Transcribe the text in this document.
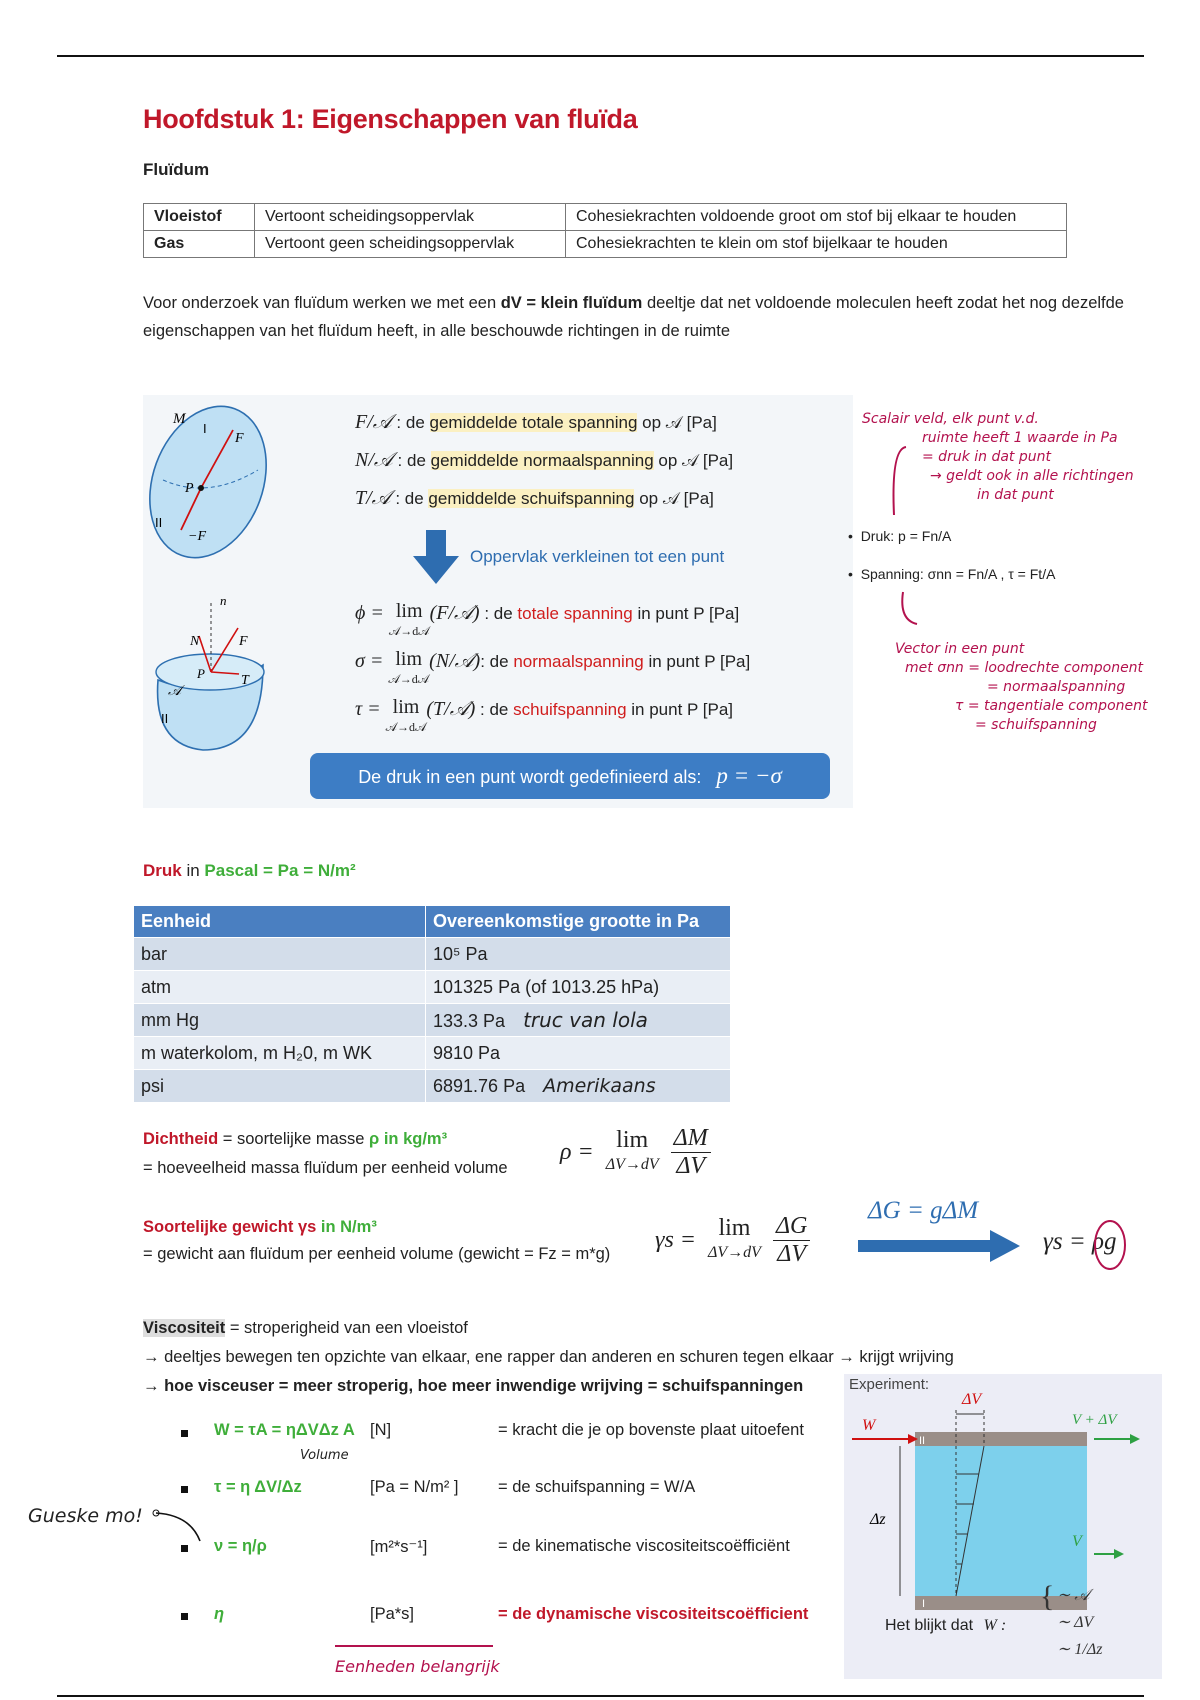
Hoofdstuk 1: Eigenschappen van fluïda
Fluïdum
Vloeistof	Vertoont scheidingsoppervlak	Cohesiekrachten voldoende groot om stof bij elkaar te houden
Gas	Vertoont geen scheidingsoppervlak	Cohesiekrachten te klein om stof bijelkaar te houden
Voor onderzoek van fluïdum werken we met een dV = klein fluïdum deeltje dat net voldoende moleculen heeft zodat het nog dezelfde eigenschappen van het fluïdum heeft, in alle beschouwde richtingen in de ruimte
M
I
II
P
F
−F
n
N	F
T
P
𝒜
II
F/𝒜 : de gemiddelde totale spanning op 𝒜 [Pa]
N/𝒜 : de gemiddelde normaalspanning op 𝒜 [Pa]
T/𝒜 : de gemiddelde schuifspanning op 𝒜 [Pa]
Oppervlak verkleinen tot een punt
ϕ = lim
𝒜→d𝒜(F/𝒜) : de totale spanning in punt P [Pa]
σ = lim
𝒜→d𝒜(N/𝒜): de normaalspanning in punt P [Pa]
τ = lim
𝒜→d𝒜(T/𝒜) : de schuifspanning in punt P [Pa]
De druk in een punt wordt gedefinieerd als: p = −σ
Scalair veld, elk punt v.d.
ruimte heeft 1 waarde in Pa
= druk in dat punt
→ geldt ook in alle richtingen
in dat punt
•  Druk: p = Fn/A
•  Spanning: σnn = Fn/A , τ = Ft/A
Vector in een punt
met σnn = loodrechte component
= normaalspanning
τ = tangentiale component
= schuifspanning
Druk in Pascal = Pa = N/m²
Eenheid	Overeenkomstige grootte in Pa
bar	10⁵ Pa
atm	101325 Pa (of 1013.25 hPa)
mm Hg	133.3 Pa truc van lola
m waterkolom, m H₂0, m WK	9810 Pa
psi	6891.76 Pa Amerikaans
Dichtheid = soortelijke masse ρ in kg/m³
= hoeveelheid massa fluïdum per eenheid volume
ρ = lim
$\Delta V\to dV \frac{\Delta M}{\Delta V}$
Soortelijke gewicht γs in N/m³
= gewicht aan fluïdum per eenheid volume (gewicht = Fz = m*g)
γs = lim
$\Delta V\to dV \frac{\Delta G}{\Delta V}$
ΔG = gΔM
γs = ρg
Viscositeit = stroperigheid van een vloeistof
→ deeltjes bewegen ten opzichte van elkaar, ene rapper dan anderen en schuren tegen elkaar → krijgt wrijving
→ hoe visceuser = meer stroperig, hoe meer inwendige wrijving = schuifspanningen
W = τA = ηΔVΔz A [N]	= kracht die je op bovenste plaat uitoefent
Volume
τ = η ΔV/Δz	[Pa = N/m² ] = de schuifspanning = W/A
ν = η/ρ	[m²*s⁻¹]	= de kinematische viscositeitscoëfficiënt
η	[Pa*s]	= de dynamische viscositeitscoëfficient
Gueske mo!
Eenheden belangrijk
Experiment:
ΔV
W	V + ΔV
Δz
V
II
I
Het blijkt dat W :
{ ∼ 𝒜
∼ ΔV
∼ 1/Δz
